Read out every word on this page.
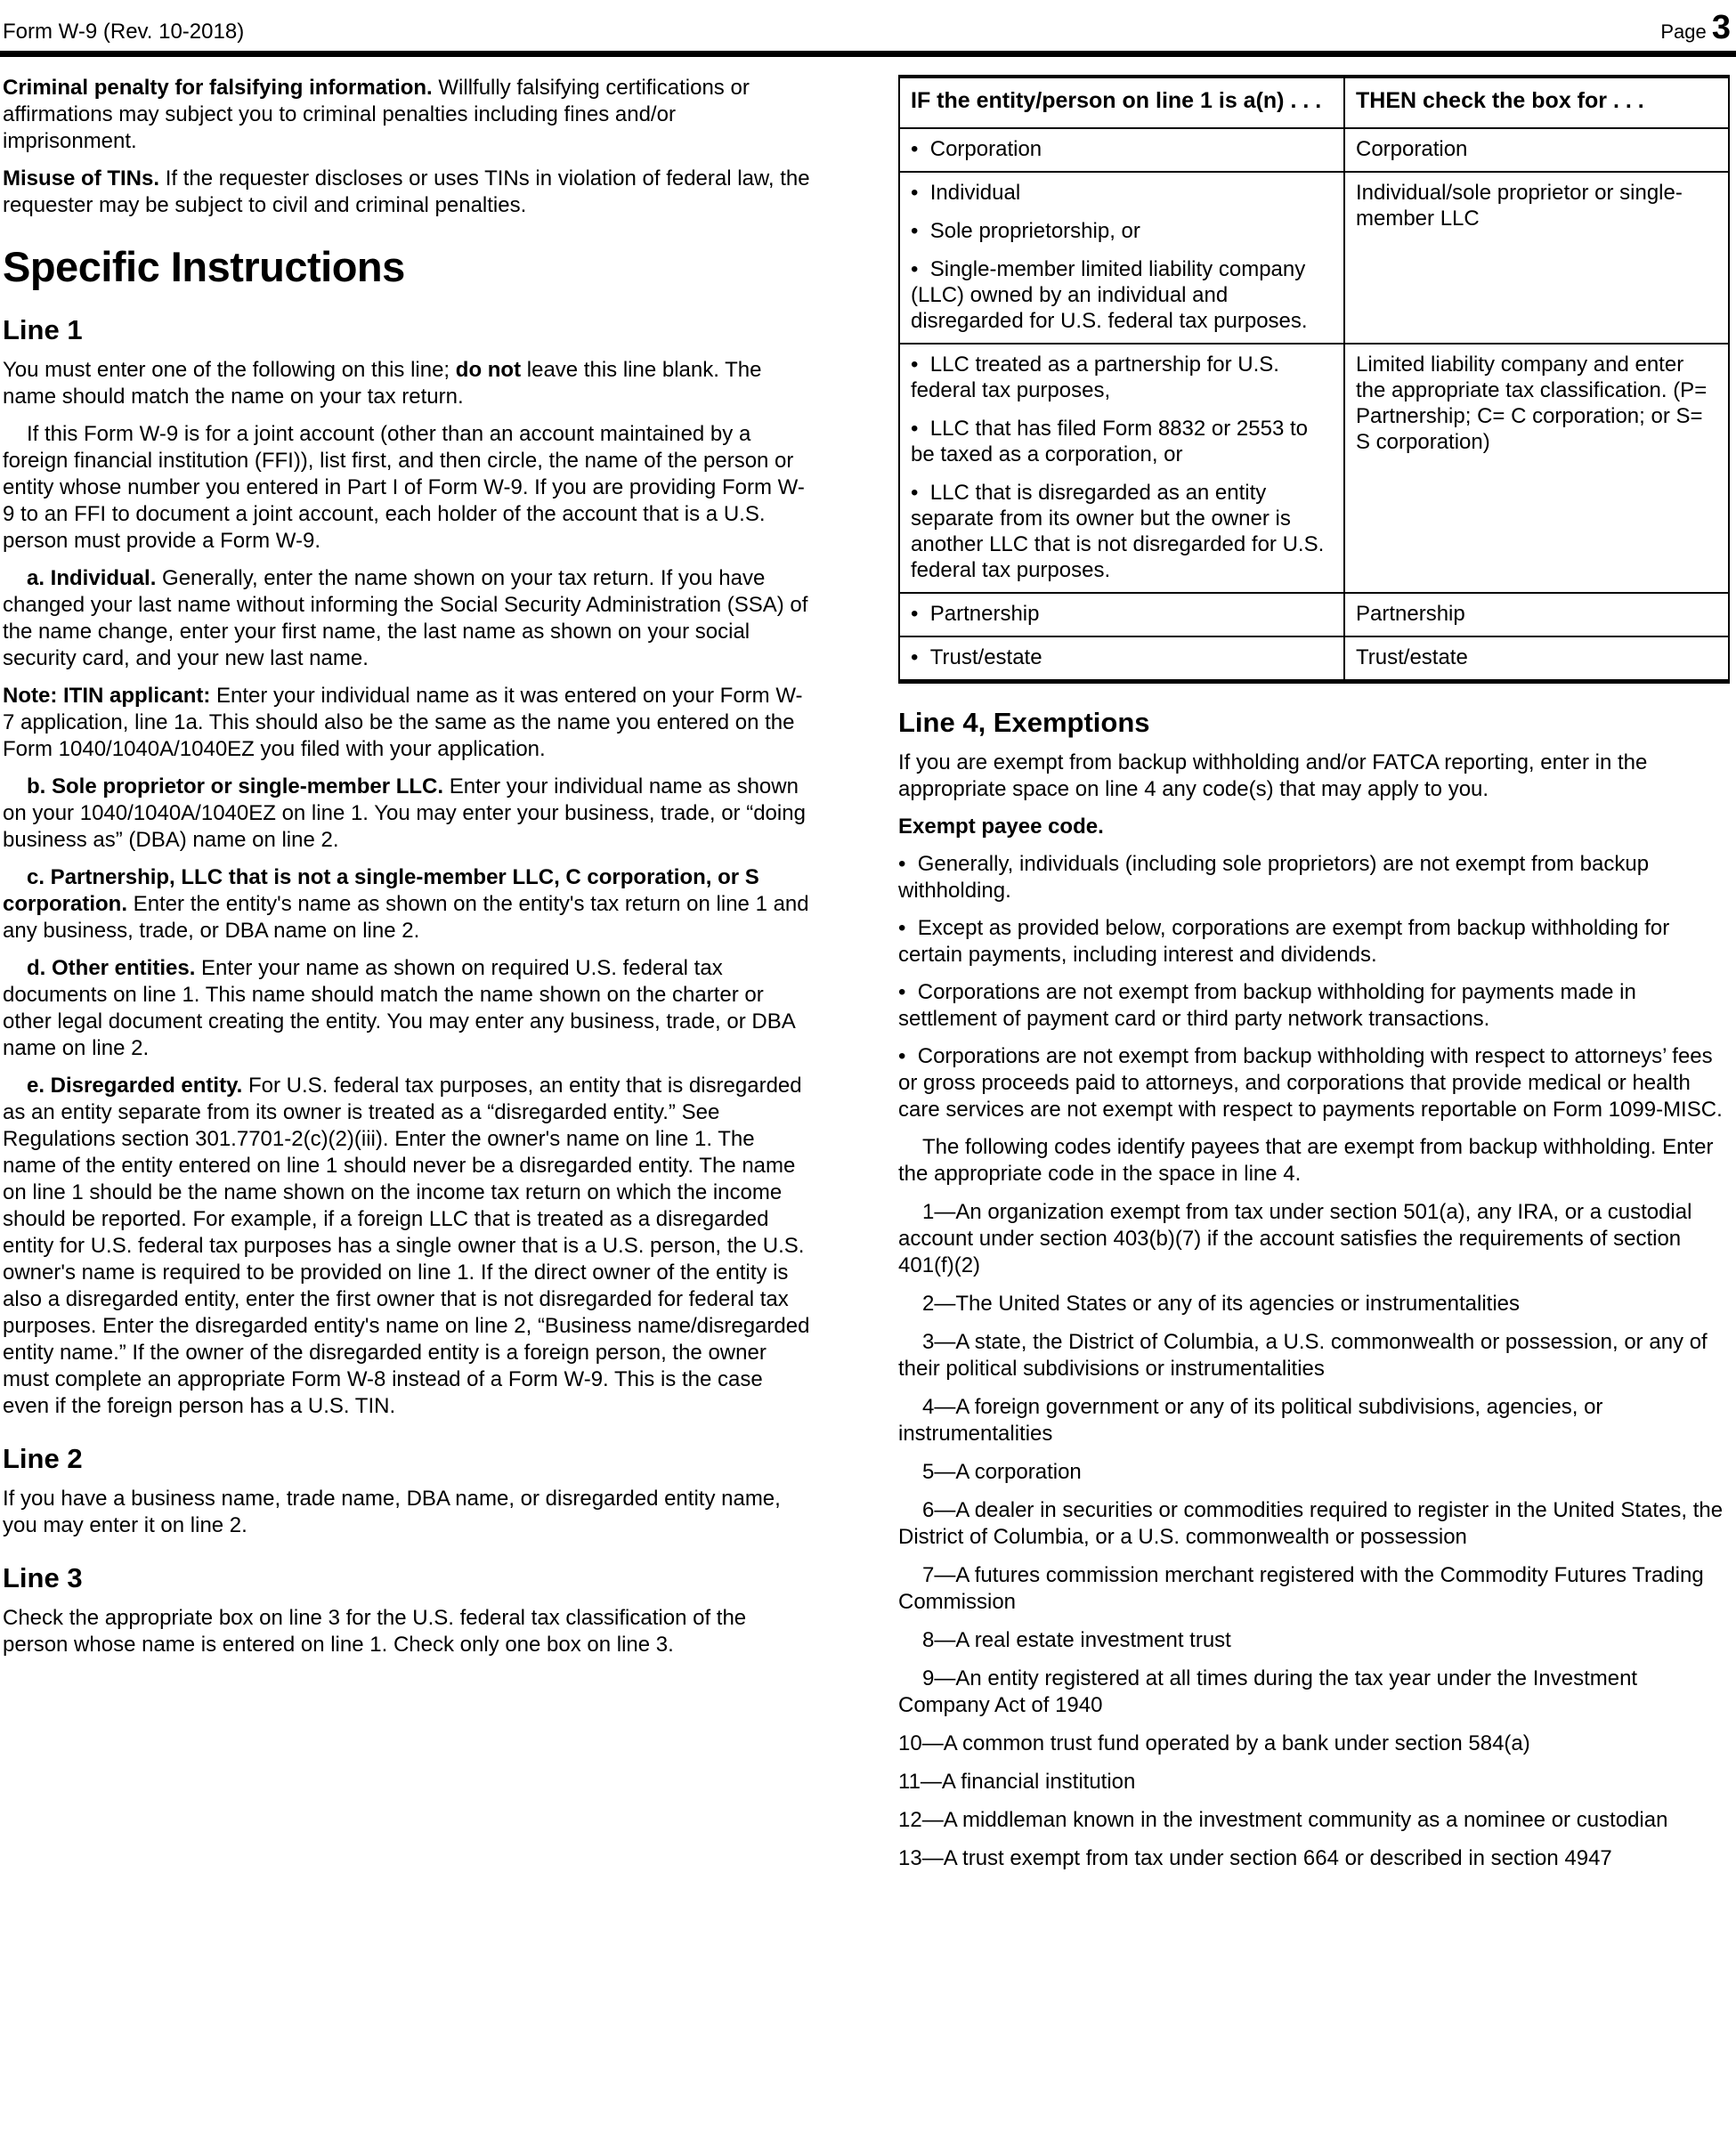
Form W-9 (Rev. 10-2018)	Page 3

Criminal penalty for falsifying information. Willfully falsifying certifications or affirmations may subject you to criminal penalties including fines and/or imprisonment.

Misuse of TINs. If the requester discloses or uses TINs in violation of federal law, the requester may be subject to civil and criminal penalties.

Specific Instructions
Line 1

You must enter one of the following on this line; do not leave this line blank. The name should match the name on your tax return.

If this Form W-9 is for a joint account (other than an account maintained by a foreign financial institution (FFI)), list first, and then circle, the name of the person or entity whose number you entered in Part I of Form W-9. If you are providing Form W-9 to an FFI to document a joint account, each holder of the account that is a U.S. person must provide a Form W-9.

a. Individual. Generally, enter the name shown on your tax return. If you have changed your last name without informing the Social Security Administration (SSA) of the name change, enter your first name, the last name as shown on your social security card, and your new last name.

Note: ITIN applicant: Enter your individual name as it was entered on your Form W-7 application, line 1a. This should also be the same as the name you entered on the Form 1040/1040A/1040EZ you filed with your application.

b. Sole proprietor or single-member LLC. Enter your individual name as shown on your 1040/1040A/1040EZ on line 1. You may enter your business, trade, or “doing business as” (DBA) name on line 2.

c. Partnership, LLC that is not a single-member LLC, C corporation, or S corporation. Enter the entity's name as shown on the entity's tax return on line 1 and any business, trade, or DBA name on line 2.

d. Other entities. Enter your name as shown on required U.S. federal tax documents on line 1. This name should match the name shown on the charter or other legal document creating the entity. You may enter any business, trade, or DBA name on line 2.

e. Disregarded entity. For U.S. federal tax purposes, an entity that is disregarded as an entity separate from its owner is treated as a “disregarded entity.” See Regulations section 301.7701-2(c)(2)(iii). Enter the owner's name on line 1. The name of the entity entered on line 1 should never be a disregarded entity. The name on line 1 should be the name shown on the income tax return on which the income should be reported. For example, if a foreign LLC that is treated as a disregarded entity for U.S. federal tax purposes has a single owner that is a U.S. person, the U.S. owner's name is required to be provided on line 1. If the direct owner of the entity is also a disregarded entity, enter the first owner that is not disregarded for federal tax purposes. Enter the disregarded entity's name on line 2, “Business name/disregarded entity name.” If the owner of the disregarded entity is a foreign person, the owner must complete an appropriate Form W-8 instead of a Form W-9. This is the case even if the foreign person has a U.S. TIN.

Line 2

If you have a business name, trade name, DBA name, or disregarded entity name, you may enter it on line 2.

Line 3

Check the appropriate box on line 3 for the U.S. federal tax classification of the person whose name is entered on line 1. Check only one box on line 3.

IF the entity/person on line 1 is a(n) . . .	THEN check the box for . . .

•  Corporation	Corporation

•  Individual
•  Sole proprietorship, or
•  Single-member limited liability company (LLC) owned by an individual and disregarded for U.S. federal tax purposes.	Individual/sole proprietor or single-member LLC

•  LLC treated as a partnership for U.S. federal tax purposes,
•  LLC that has filed Form 8832 or 2553 to be taxed as a corporation, or
•  LLC that is disregarded as an entity separate from its owner but the owner is another LLC that is not disregarded for U.S. federal tax purposes.	Limited liability company and enter the appropriate tax classification. (P= Partnership; C= C corporation; or S= S corporation)

•  Partnership	Partnership

•  Trust/estate	Trust/estate
Line 4, Exemptions

If you are exempt from backup withholding and/or FATCA reporting, enter in the appropriate space on line 4 any code(s) that may apply to you.

Exempt payee code.

• Generally, individuals (including sole proprietors) are not exempt from backup withholding.

• Except as provided below, corporations are exempt from backup withholding for certain payments, including interest and dividends.

• Corporations are not exempt from backup withholding for payments made in settlement of payment card or third party network transactions.

• Corporations are not exempt from backup withholding with respect to attorneys’ fees or gross proceeds paid to attorneys, and corporations that provide medical or health care services are not exempt with respect to payments reportable on Form 1099-MISC.

The following codes identify payees that are exempt from backup withholding. Enter the appropriate code in the space in line 4.

1—An organization exempt from tax under section 501(a), any IRA, or a custodial account under section 403(b)(7) if the account satisfies the requirements of section 401(f)(2)

2—The United States or any of its agencies or instrumentalities

3—A state, the District of Columbia, a U.S. commonwealth or possession, or any of their political subdivisions or instrumentalities

4—A foreign government or any of its political subdivisions, agencies, or instrumentalities

5—A corporation

6—A dealer in securities or commodities required to register in the United States, the District of Columbia, or a U.S. commonwealth or possession

7—A futures commission merchant registered with the Commodity Futures Trading Commission

8—A real estate investment trust

9—An entity registered at all times during the tax year under the Investment Company Act of 1940

10—A common trust fund operated by a bank under section 584(a)

11—A financial institution

12—A middleman known in the investment community as a nominee or custodian

13—A trust exempt from tax under section 664 or described in section 4947
